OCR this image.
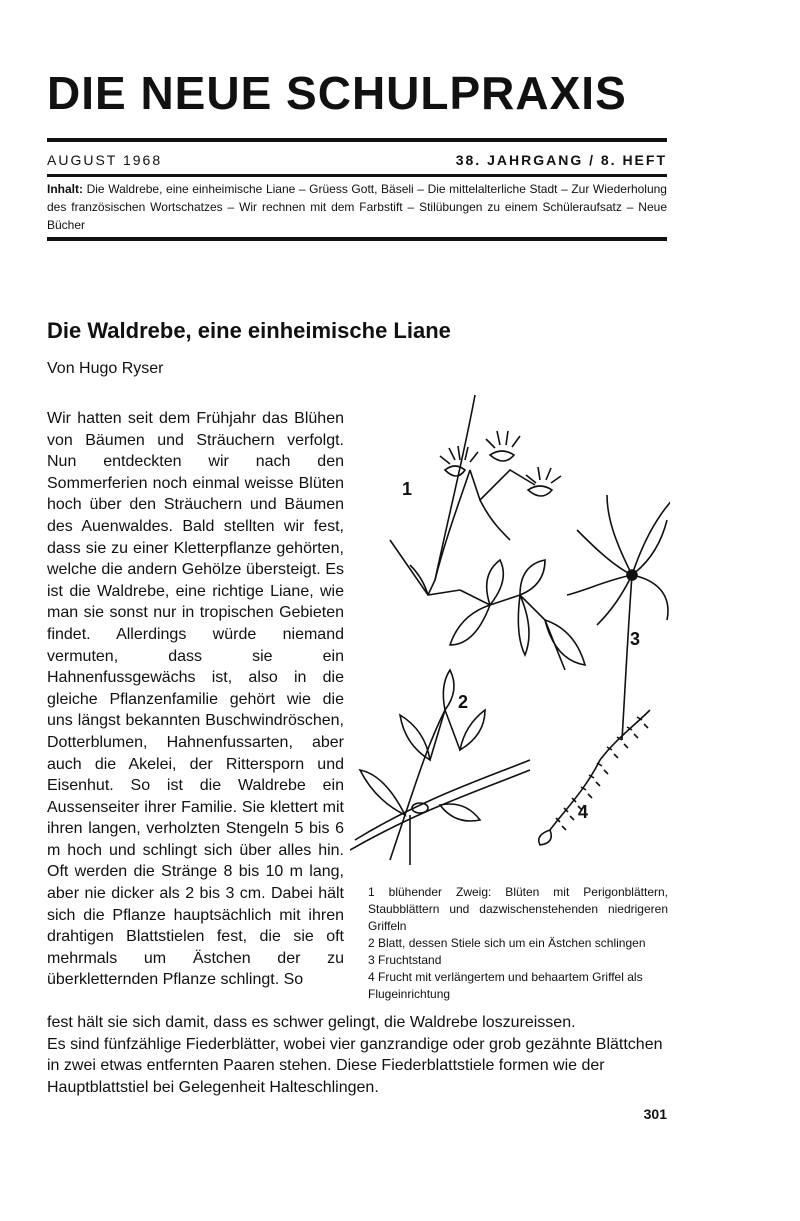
DIE NEUE SCHULPRAXIS
AUGUST 1968	38. JAHRGANG / 8. HEFT
Inhalt: Die Waldrebe, eine einheimische Liane – Grüess Gott, Bäseli – Die mittelalterliche Stadt – Zur Wiederholung des französischen Wortschatzes – Wir rechnen mit dem Farbstift – Stilübungen zu einem Schüleraufsatz – Neue Bücher
Die Waldrebe, eine einheimische Liane
Von Hugo Ryser
Wir hatten seit dem Frühjahr das Blühen von Bäumen und Sträuchern verfolgt. Nun entdeckten wir nach den Sommerferien noch einmal weisse Blüten hoch über den Sträuchern und Bäumen des Auenwaldes. Bald stellten wir fest, dass sie zu einer Kletterpflanze gehörten, welche die andern Gehölze übersteigt. Es ist die Waldrebe, eine richtige Liane, wie man sie sonst nur in tropischen Gebieten findet. Allerdings würde niemand vermuten, dass sie ein Hahnenfussgewächs ist, also in die gleiche Pflanzenfamilie gehört wie die uns längst bekannten Buschwindröschen, Dotterblumen, Hahnenfussarten, aber auch die Akelei, der Rittersporn und Eisenhut. So ist die Waldrebe ein Aussenseiter ihrer Familie. Sie klettert mit ihren langen, verholzten Stengeln 5 bis 6 m hoch und schlingt sich über alles hin. Oft werden die Stränge 8 bis 10 m lang, aber nie dicker als 2 bis 3 cm. Dabei hält sich die Pflanze hauptsächlich mit ihren drahtigen Blattstielen fest, die sie oft mehrmals um Ästchen der zu überkletternden Pflanze schlingt. So
1
3
2
4
1 blühender Zweig: Blüten mit Perigonblättern, Staubblättern und dazwischenstehenden niedrigeren Griffeln
2 Blatt, dessen Stiele sich um ein Ästchen schlingen
3 Fruchtstand
4 Frucht mit verlängertem und behaartem Griffel als Flugeinrichtung

fest hält sie sich damit, dass es schwer gelingt, die Waldrebe loszureissen.

Es sind fünfzählige Fiederblätter, wobei vier ganzrandige oder grob gezähnte Blättchen in zwei etwas entfernten Paaren stehen. Diese Fiederblattstiele formen wie der Hauptblattstiel bei Gelegenheit Halteschlingen.

301
